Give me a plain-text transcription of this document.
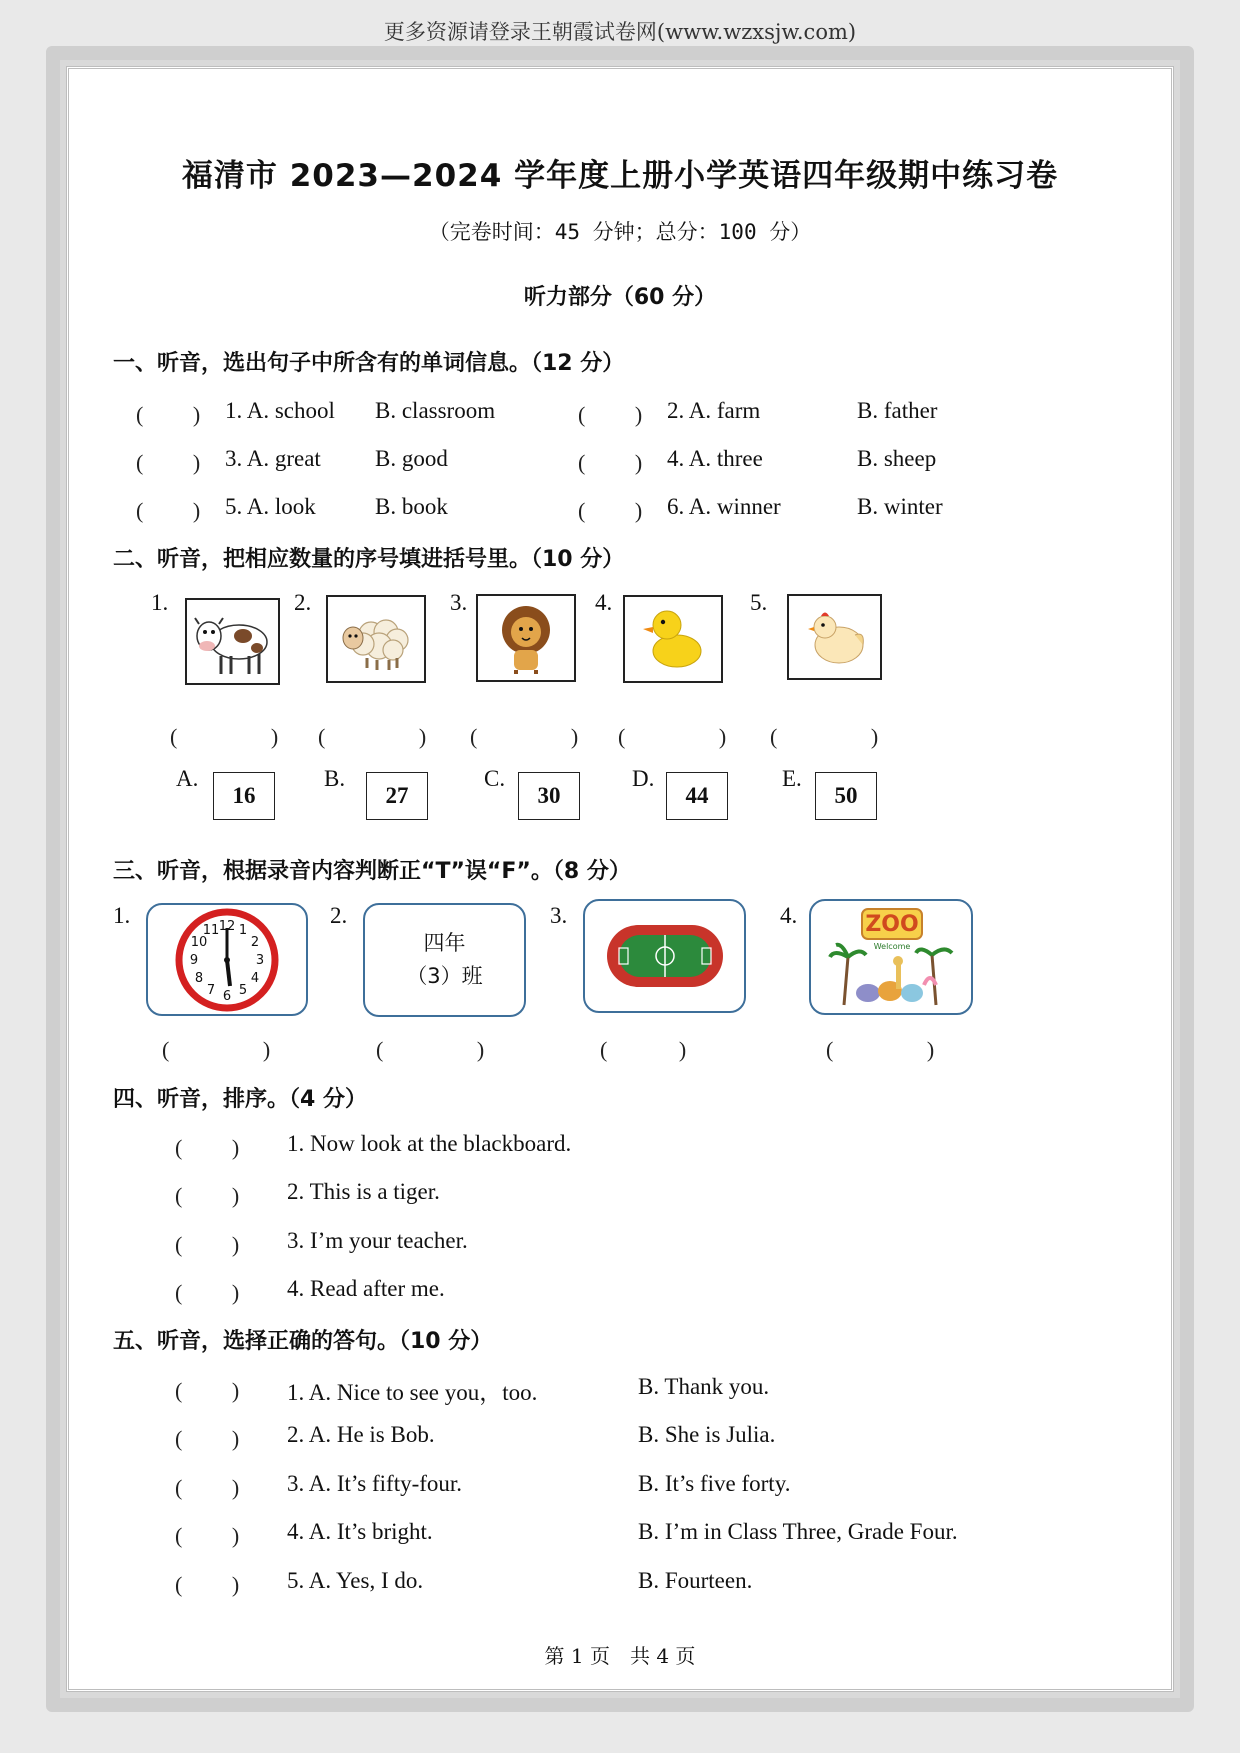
更多资源请登录王朝霞试卷网(www.wzxsjw.com)
福清市 2023—2024 学年度上册小学英语四年级期中练习卷
（完卷时间：45 分钟；总分：100 分）
听力部分（60 分）
一、听音，选出句子中所含有的单词信息。（12 分）
(　　 ) 1. A. school B. classroom	(　　 ) 2. A. farm	B. father
(　　 ) 3. A. great B. good	(　　 ) 4. A. three	B. sheep
(　　 ) 5. A. look	B. book	(　　 ) 6. A. winner	B. winter
二、听音，把相应数量的序号填进括号里。（10 分）
1.	2.	3.	4.	5.
(　　　　 ) (　　　　 ) (　　　　 ) (　　　　 ) (　　　　 )
A.
16
B.
27
C.
30
D.
44
E.
50
三、听音，根据录音内容判断正“T”误“F”。（8 分）
1.	12 1
2
3
4
5
6
7
8
9
10
11
2.
四年
（3）班
3.	4.	ZOO
Welcome
(　　　　 )	(　　　　 )	(　　　 )	(　　　　 )
四、听音，排序。（4 分）
(　　 ) 1. Now look at the blackboard.
(　　 ) 2. This is a tiger.
(　　 ) 3. I’m your teacher.
(　　 ) 4. Read after me.
五、听音，选择正确的答句。（10 分）
(　　 ) 1. A. Nice to see you，too.	B. Thank you.
(　　 ) 2. A. He is Bob.	B. She is Julia.
(　　 ) 3. A. It’s fifty-four.	B. It’s five forty.
(　　 ) 4. A. It’s bright.	B. I’m in Class Three, Grade Four.
(　　 ) 5. A. Yes, I do.	B. Fourteen.
第 1 页　共 4 页
